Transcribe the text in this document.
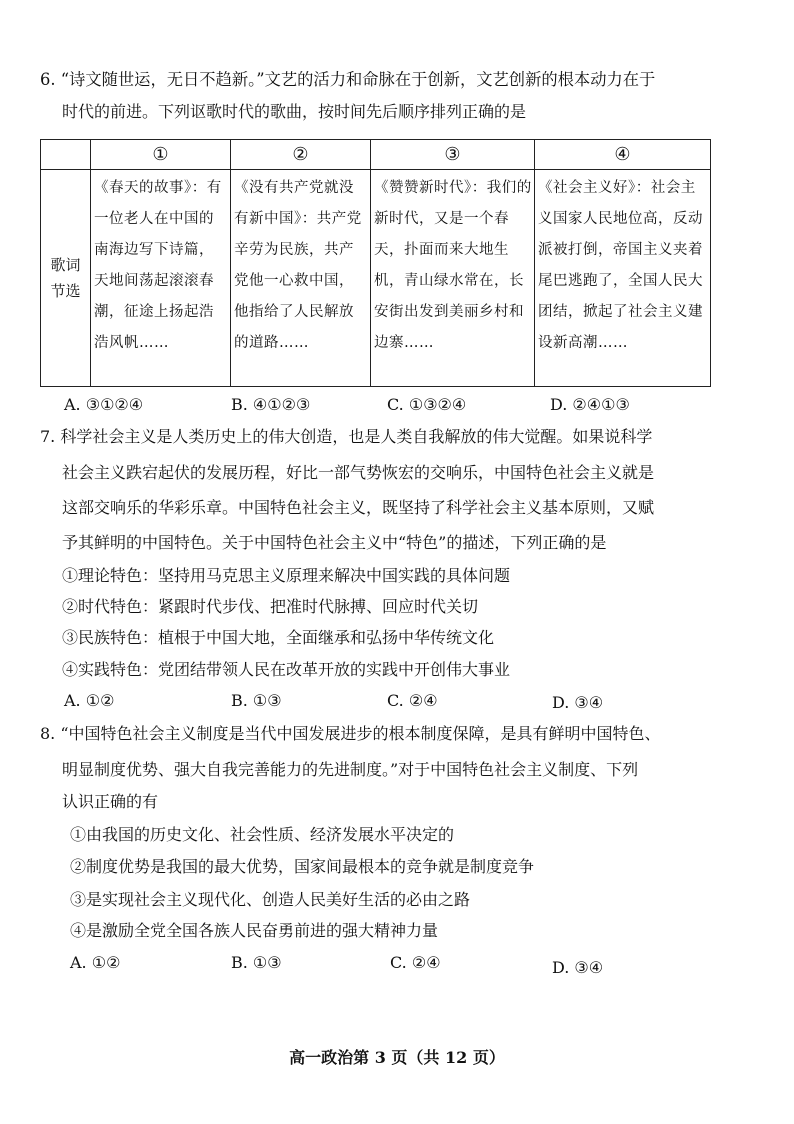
6. “诗文随世运，无日不趋新。”文艺的活力和命脉在于创新，文艺创新的根本动力在于
时代的前进。下列讴歌时代的歌曲，按时间先后顺序排列正确的是
	①	②	③	④

歌词
节选	《春天的故事》：有一位老人在中国的南海边写下诗篇，天地间荡起滚滚春潮，征途上扬起浩浩风帆……	《没有共产党就没有新中国》：共产党辛劳为民族，共产党他一心救中国，他指给了人民解放的道路……	《赞赞新时代》：我们的新时代，又是一个春天，扑面而来大地生机，青山绿水常在，长安街出发到美丽乡村和边寨……	《社会主义好》：社会主义国家人民地位高，反动派被打倒，帝国主义夹着尾巴逃跑了，全国人民大团结，掀起了社会主义建设新高潮……
A. ③①②④	B. ④①②③	C. ①③②④	D. ②④①③
7. 科学社会主义是人类历史上的伟大创造，也是人类自我解放的伟大觉醒。如果说科学
社会主义跌宕起伏的发展历程，好比一部气势恢宏的交响乐，中国特色社会主义就是
这部交响乐的华彩乐章。中国特色社会主义，既坚持了科学社会主义基本原则，又赋
予其鲜明的中国特色。关于中国特色社会主义中“特色”的描述，下列正确的是
①理论特色：坚持用马克思主义原理来解决中国实践的具体问题
②时代特色：紧跟时代步伐、把准时代脉搏、回应时代关切
③民族特色：植根于中国大地，全面继承和弘扬中华传统文化
④实践特色：党团结带领人民在改革开放的实践中开创伟大事业
A. ①②	B. ①③	C. ②④	D. ③④
8. “中国特色社会主义制度是当代中国发展进步的根本制度保障，是具有鲜明中国特色、
明显制度优势、强大自我完善能力的先进制度。”对于中国特色社会主义制度、下列
认识正确的有
①由我国的历史文化、社会性质、经济发展水平决定的
②制度优势是我国的最大优势，国家间最根本的竞争就是制度竞争
③是实现社会主义现代化、创造人民美好生活的必由之路
④是激励全党全国各族人民奋勇前进的强大精神力量
A. ①②	B. ①③	C. ②④	D. ③④
高一政治第 3 页（共 12 页）
